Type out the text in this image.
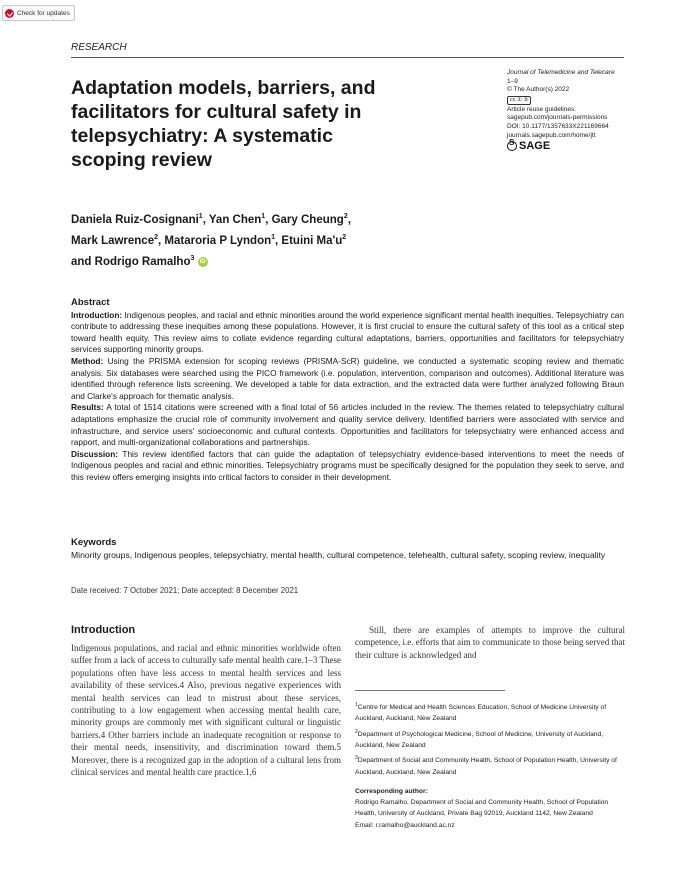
Check for updates
RESEARCH
Adaptation models, barriers, and facilitators for cultural safety in telepsychiatry: A systematic scoping review
Journal of Telemedicine and Telecare
1–9
© The Author(s) 2022
cc ① ⑤
Article reuse guidelines:
sagepub.com/journals-permissions
DOI: 10.1177/1357633X221169664
journals.sagepub.com/home/jtt
S
SAGE
Daniela Ruiz-Cosignani$^1$, Yan Chen$^1$, Gary Cheung$^2$,
Mark Lawrence$^2$, Mataroria P Lyndon$^1$, Etuini $Ma'u^2$
and Rodrigo Ramalho$^3$ iD
Abstract

Introduction: Indigenous peoples, and racial and ethnic minorities around the world experience significant mental health inequities. Telepsychiatry can contribute to addressing these inequities among these populations. However, it is first crucial to ensure the cultural safety of this tool as a critical step toward health equity. This review aims to collate evidence regarding cultural adaptations, barriers, opportunities and facilitators for telepsychiatry services supporting minority groups.

Method: Using the PRISMA extension for scoping reviews (PRISMA-ScR) guideline, we conducted a systematic scoping review and thematic analysis. Six databases were searched using the PICO framework (i.e. population, intervention, comparison and outcomes). Additional literature was identified through reference lists screening. We developed a table for data extraction, and the extracted data were further analyzed following Braun and Clarke's approach for thematic analysis.

Results: A total of 1514 citations were screened with a final total of 56 articles included in the review. The themes related to telepsychiatry cultural adaptations emphasize the crucial role of community involvement and quality service delivery. Identified barriers were associated with service and infrastructure, and service users' socioeconomic and cultural contexts. Opportunities and facilitators for telepsychiatry were enhanced access and rapport, and multi-organizational collaborations and partnerships.

Discussion: This review identified factors that can guide the adaptation of telepsychiatry evidence-based interventions to meet the needs of Indigenous peoples and racial and ethnic minorities. Telepsychiatry programs must be specifically designed for the population they seek to serve, and this review offers emerging insights into critical factors to consider in their development.

Keywords
Minority groups, Indigenous peoples, telepsychiatry, mental health, cultural competence, telehealth, cultural safety, scoping review, inequality
Date received: 7 October 2021; Date accepted: 8 December 2021
Introduction

Indigenous populations, and racial and ethnic minorities worldwide often suffer from a lack of access to culturally safe mental health care.1–3 These populations often have less access to mental health services and less availability of these services.4 Also, previous negative experiences with mental health services can lead to mistrust about these services, contributing to a low engagement when accessing mental health care, minority groups are commonly met with significant cultural or linguistic barriers.4 Other barriers include an inadequate recognition or response to their mental needs, insensitivity, and discrimination toward them.5 Moreover, there is a recognized gap in the adoption of a cultural lens from clinical services and mental health care practice.1,6

Still, there are examples of attempts to improve the cultural competence, i.e. efforts that aim to communicate to those being served that their culture is acknowledged and

$^1$Centre for Medical and Health Sciences Education, School of Medicine University of Auckland, Auckland, New Zealand

$^2$Department of Psychological Medicine, School of Medicine, University of Auckland, Auckland, New Zealand

$^3$Department of Social and Community Health, School of Population Health, University of Auckland, Auckland, New Zealand

Corresponding author:
Rodrigo Ramalho, Department of Social and Community Health, School of Population Health, University of Auckland, Private Bag 92019, Auckland 1142, New Zealand
Email: r.ramalho@auckland.ac.nz
